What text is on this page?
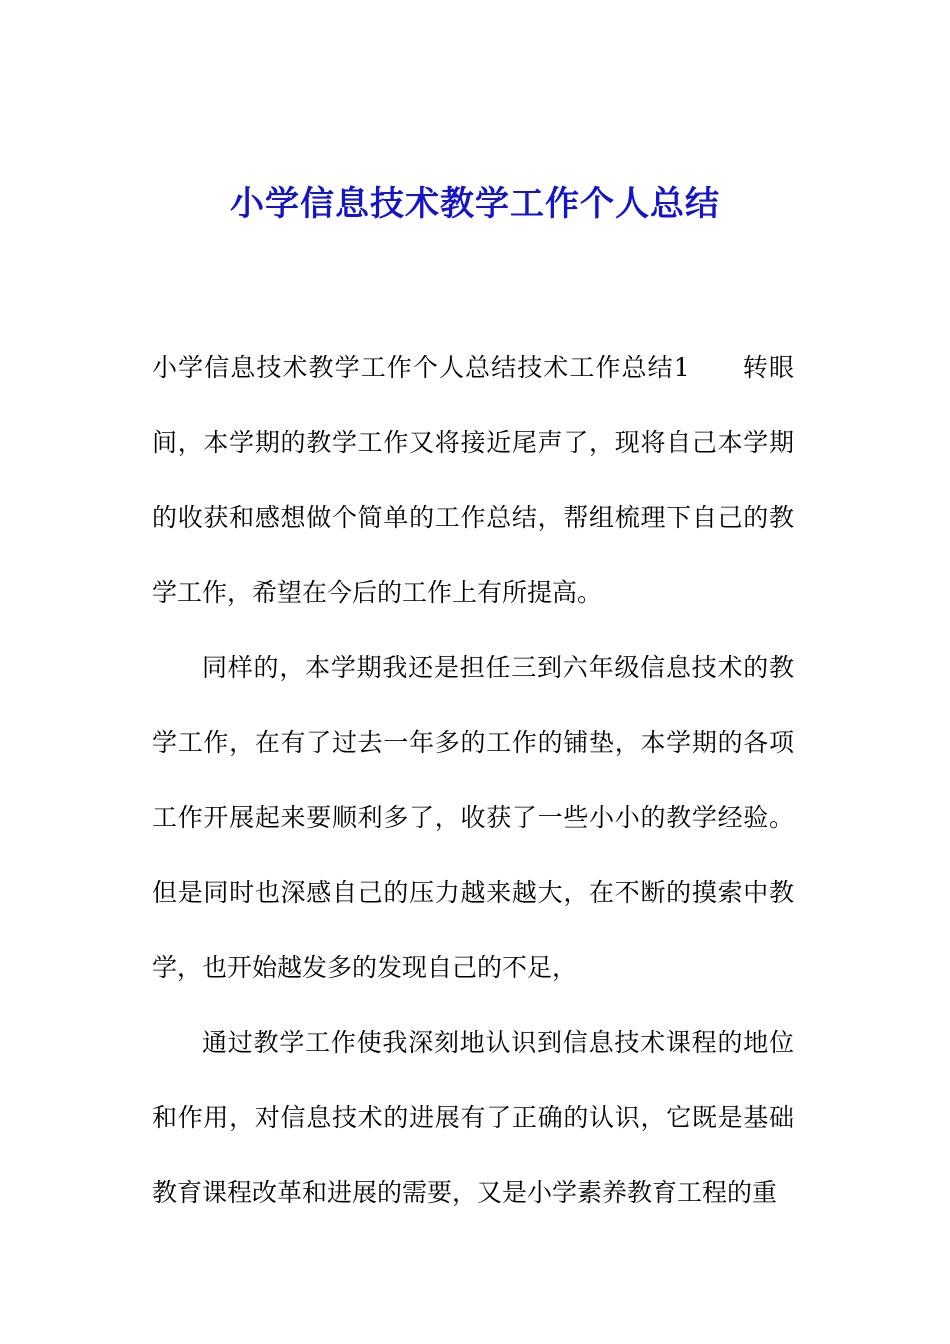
小学信息技术教学工作个人总结

小学信息技术教学工作个人总结技术工作总结1　　转眼间，本学期的教学工作又将接近尾声了，现将自己本学期的收获和感想做个简单的工作总结，帮组梳理下自己的教学工作，希望在今后的工作上有所提高。

同样的，本学期我还是担任三到六年级信息技术的教学工作，在有了过去一年多的工作的铺垫，本学期的各项工作开展起来要顺利多了，收获了一些小小的教学经验。但是同时也深感自己的压力越来越大，在不断的摸索中教学，也开始越发多的发现自己的不足，

通过教学工作使我深刻地认识到信息技术课程的地位和作用，对信息技术的进展有了正确的认识，它既是基础教育课程改革和进展的需要，又是小学素养教育工程的重
